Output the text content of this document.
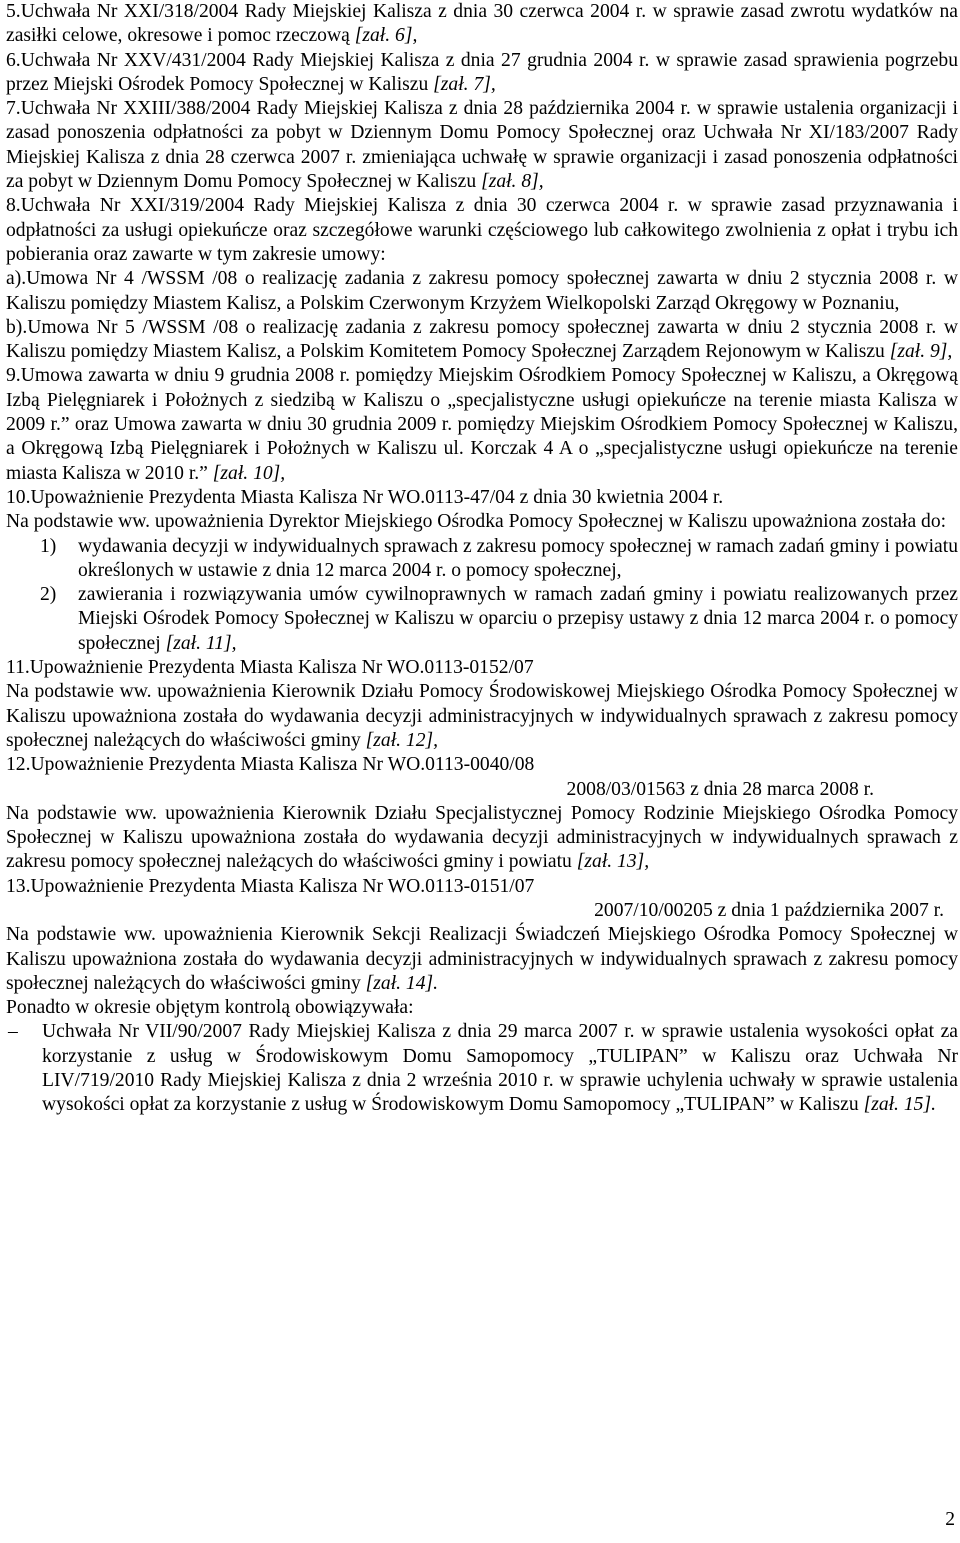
5.Uchwała Nr XXI/318/2004 Rady Miejskiej Kalisza z dnia 30 czerwca 2004 r. w sprawie zasad zwrotu wydatków na zasiłki celowe, okresowe i pomoc rzeczową [zał. 6],

6.Uchwała Nr XXV/431/2004 Rady Miejskiej Kalisza z dnia 27 grudnia 2004 r. w sprawie zasad sprawienia pogrzebu przez Miejski Ośrodek Pomocy Społecznej w Kaliszu [zał. 7],

7.Uchwała Nr XXIII/388/2004 Rady Miejskiej Kalisza z dnia 28 października 2004 r. w sprawie ustalenia organizacji i zasad ponoszenia odpłatności za pobyt w Dziennym Domu Pomocy Społecznej oraz Uchwała Nr XI/183/2007 Rady Miejskiej Kalisza z dnia 28 czerwca 2007 r. zmieniająca uchwałę w sprawie organizacji i zasad ponoszenia odpłatności za pobyt w Dziennym Domu Pomocy Społecznej w Kaliszu [zał. 8],

8.Uchwała Nr XXI/319/2004 Rady Miejskiej Kalisza z dnia 30 czerwca 2004 r. w sprawie zasad przyznawania i odpłatności za usługi opiekuńcze oraz szczegółowe warunki częściowego lub całkowitego zwolnienia z opłat i trybu ich pobierania oraz zawarte w tym zakresie umowy:

a).Umowa Nr 4 /WSSM /08 o realizację zadania z zakresu pomocy społecznej zawarta w dniu 2 stycznia 2008 r. w Kaliszu pomiędzy Miastem Kalisz, a Polskim Czerwonym Krzyżem Wielkopolski Zarząd Okręgowy w Poznaniu,

b).Umowa Nr 5 /WSSM /08 o realizację zadania z zakresu pomocy społecznej zawarta w dniu 2 stycznia 2008 r. w Kaliszu pomiędzy Miastem Kalisz, a Polskim Komitetem Pomocy Społecznej Zarządem Rejonowym w Kaliszu [zał. 9],

9.Umowa zawarta w dniu 9 grudnia 2008 r. pomiędzy Miejskim Ośrodkiem Pomocy Społecznej w Kaliszu, a Okręgową Izbą Pielęgniarek i Położnych z siedzibą w Kaliszu o „specjalistyczne usługi opiekuńcze na terenie miasta Kalisza w 2009 r.” oraz Umowa zawarta w dniu 30 grudnia 2009 r. pomiędzy Miejskim Ośrodkiem Pomocy Społecznej w Kaliszu, a Okręgową Izbą Pielęgniarek i Położnych w Kaliszu ul. Korczak 4 A o „specjalistyczne usługi opiekuńcze na terenie miasta Kalisza w 2010 r.” [zał. 10],

10.Upoważnienie Prezydenta Miasta Kalisza Nr WO.0113-47/04 z dnia 30 kwietnia 2004 r.

Na podstawie ww. upoważnienia Dyrektor Miejskiego Ośrodka Pomocy Społecznej w Kaliszu upoważniona została do:

1) wydawania decyzji w indywidualnych sprawach z zakresu pomocy społecznej w ramach zadań gminy i powiatu określonych w ustawie z dnia 12 marca 2004 r. o pomocy społecznej,

2) zawierania i rozwiązywania umów cywilnoprawnych w ramach zadań gminy i powiatu realizowanych przez Miejski Ośrodek Pomocy Społecznej w Kaliszu w oparciu o przepisy ustawy z dnia 12 marca 2004 r. o pomocy społecznej [zał. 11],

11.Upoważnienie Prezydenta Miasta Kalisza Nr WO.0113-0152/07

Na podstawie ww. upoważnienia Kierownik Działu Pomocy Środowiskowej Miejskiego Ośrodka Pomocy Społecznej w Kaliszu upoważniona została do wydawania decyzji administracyjnych w indywidualnych sprawach z zakresu pomocy społecznej należących do właściwości gminy [zał. 12],

12.Upoważnienie Prezydenta Miasta Kalisza Nr WO.0113-0040/08

2008/03/01563 z dnia 28 marca 2008 r.

Na podstawie ww. upoważnienia Kierownik Działu Specjalistycznej Pomocy Rodzinie Miejskiego Ośrodka Pomocy Społecznej w Kaliszu upoważniona została do wydawania decyzji administracyjnych w indywidualnych sprawach z zakresu pomocy społecznej należących do właściwości gminy i powiatu [zał. 13],

13.Upoważnienie Prezydenta Miasta Kalisza Nr WO.0113-0151/07

2007/10/00205 z dnia 1 października 2007 r.

Na podstawie ww. upoważnienia Kierownik Sekcji Realizacji Świadczeń Miejskiego Ośrodka Pomocy Społecznej w Kaliszu upoważniona została do wydawania decyzji administracyjnych w indywidualnych sprawach z zakresu pomocy społecznej należących do właściwości gminy [zał. 14].

Ponadto w okresie objętym kontrolą obowiązywała:

– Uchwała Nr VII/90/2007 Rady Miejskiej Kalisza z dnia 29 marca 2007 r. w sprawie ustalenia wysokości opłat za korzystanie z usług w Środowiskowym Domu Samopomocy „TULIPAN” w Kaliszu oraz Uchwała Nr LIV/719/2010 Rady Miejskiej Kalisza z dnia 2 września 2010 r. w sprawie uchylenia uchwały w sprawie ustalenia wysokości opłat za korzystanie z usług w Środowiskowym Domu Samopomocy „TULIPAN” w Kaliszu [zał. 15].

2
